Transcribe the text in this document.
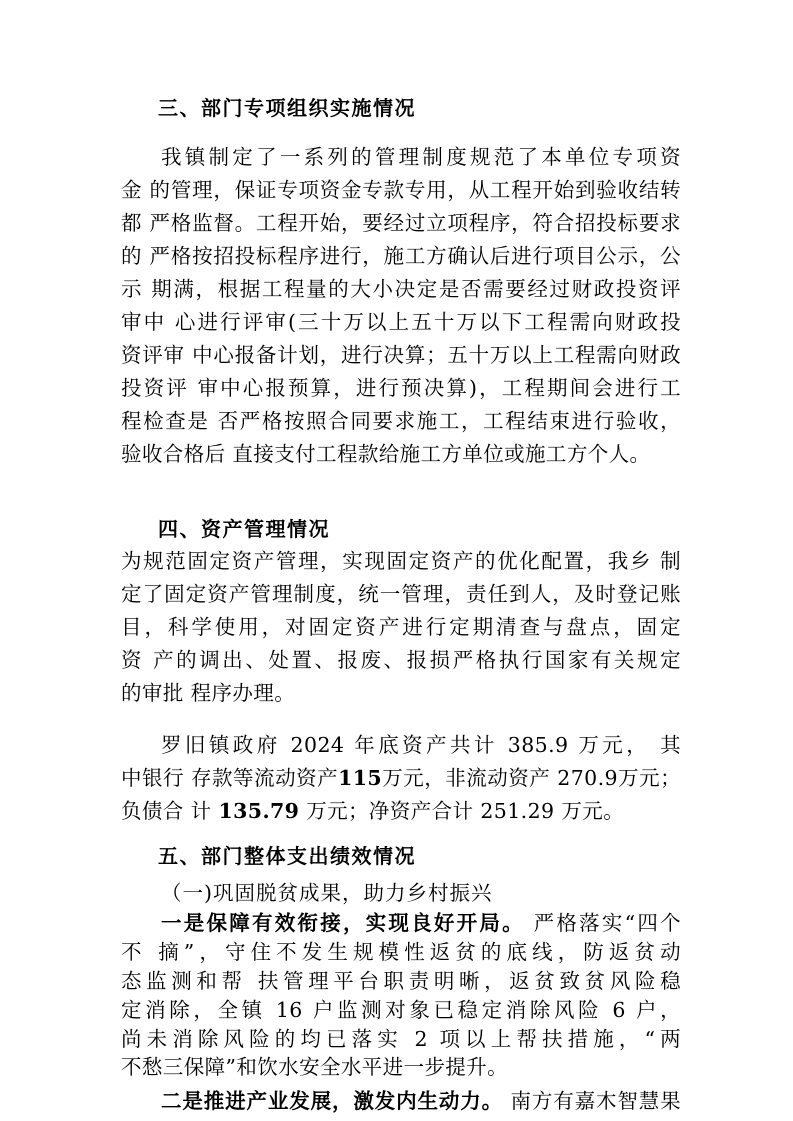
三、部门专项组织实施情况
我镇制定了一系列的管理制度规范了本单位专项资
金 的管理，保证专项资金专款专用，从工程开始到验收结转
都 严格监督。工程开始，要经过立项程序，符合招投标要求
的 严格按招投标程序进行，施工方确认后进行项目公示，公
示 期满，根据工程量的大小决定是否需要经过财政投资评
审中 心进行评审(三十万以上五十万以下工程需向财政投
资评审 中心报备计划，进行决算；五十万以上工程需向财政
投资评 审中心报预算，进行预决算)，工程期间会进行工
程检查是 否严格按照合同要求施工，工程结束进行验收，
验收合格后 直接支付工程款给施工方单位或施工方个人。
四、资产管理情况
为规范固定资产管理，实现固定资产的优化配置，我乡 制
定了固定资产管理制度，统一管理，责任到人，及时登记账
目，科学使用，对固定资产进行定期清查与盘点，固定
资 产的调出、处置、报废、报损严格执行国家有关规定
的审批 程序办理。
罗旧镇政府 2024 年底资产共计 385.9 万元， 其
中银行 存款等流动资产115万元，非流动资产 270.9万元；
负债合 计 135.79 万元；净资产合计 251.29 万元。
五、部门整体支出绩效情况
（一)巩固脱贫成果，助力乡村振兴
一是保障有效衔接，实现良好开局。 严格落实“四个
不 摘”，守住不发生规模性返贫的底线，防返贫动
态监测和帮 扶管理平台职责明晰，返贫致贫风险稳
定消除，全镇 16 户监测对象已稳定消除风险 6 户，
尚未消除风险的均已落实 2 项以上帮扶措施，“两
不愁三保障”和饮水安全水平进一步提升。
二是推进产业发展，激发内生动力。 南方有嘉木智慧果
